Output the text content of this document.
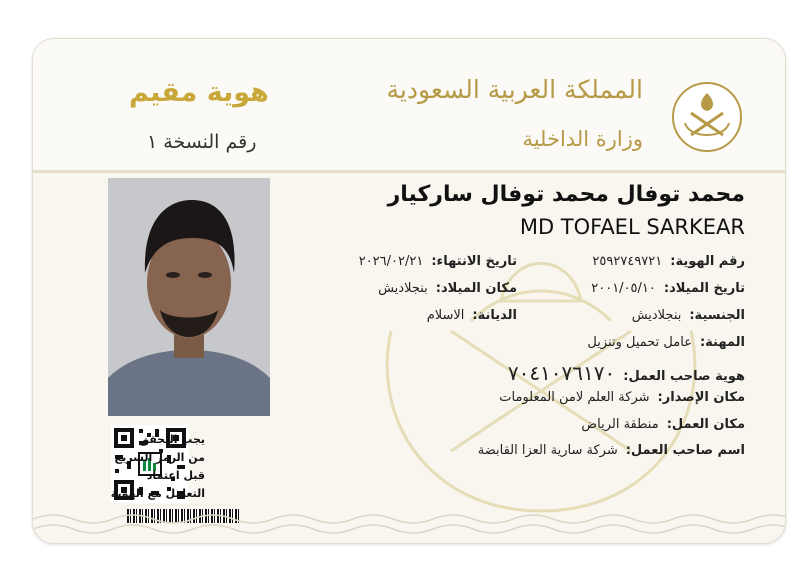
المملكة العربية السعودية
وزارة الداخلية
هوية مقيم
رقم النسخة ١
يجب التحقق
من الرمز السريع
قبل اعتماد
التعامل مع الهوية
محمد توفال محمد توفال ساركيار
MD TOFAEL SARKEAR
رقم الهوية:٢٥٩٢٧٤٩٧٢١
تاريخ الميلاد:٢٠٠١/٠٥/١٠
الجنسية:بنجلاديش
المهنة:عامل تحميل وتنزيل
هوية صاحب العمل:٧٠٤١٠٧٦١٧٠
مكان الإصدار:شركة العلم لامن المعلومات
مكان العمل:منطقة الرياض
اسم صاحب العمل:شركة سارية العزا القابضة
تاريخ الانتهاء:٢٠٢٦/٠٢/٢١
مكان الميلاد:بنجلاديش
الديانة:الاسلام
